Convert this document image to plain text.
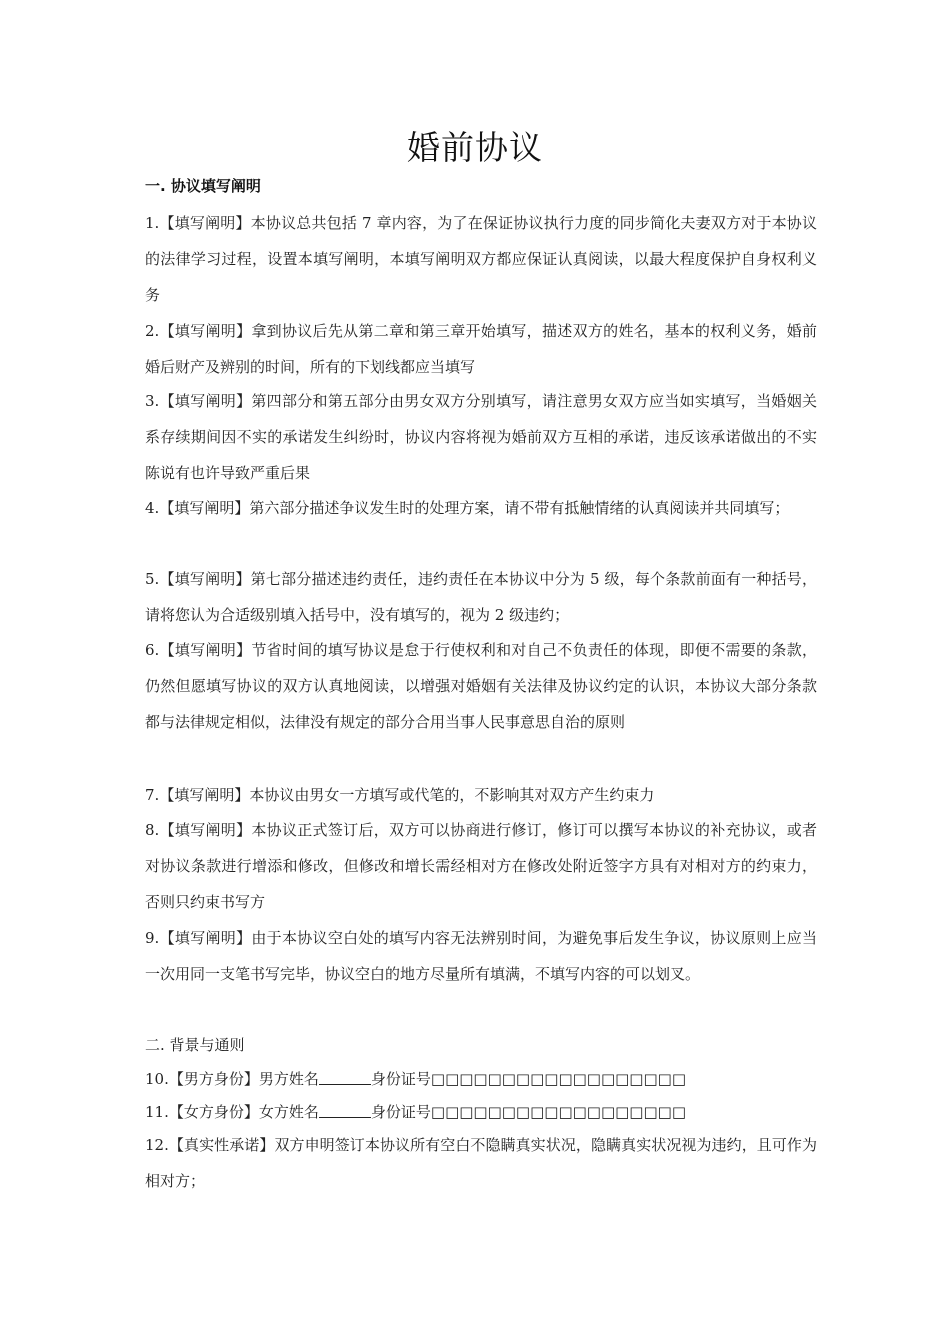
婚前协议
一. 协议填写阐明

1.【填写阐明】本协议总共包括 7 章内容，为了在保证协议执行力度的同步简化夫妻双方对于本协议的法律学习过程，设置本填写阐明，本填写阐明双方都应保证认真阅读，以最大程度保护自身权利义务

2.【填写阐明】拿到协议后先从第二章和第三章开始填写，描述双方的姓名，基本的权利义务，婚前婚后财产及辨别的时间，所有的下划线都应当填写

3.【填写阐明】第四部分和第五部分由男女双方分别填写，请注意男女双方应当如实填写，当婚姻关系存续期间因不实的承诺发生纠纷时，协议内容将视为婚前双方互相的承诺，违反该承诺做出的不实陈说有也许导致严重后果

4.【填写阐明】第六部分描述争议发生时的处理方案，请不带有抵触情绪的认真阅读并共同填写；

5.【填写阐明】第七部分描述违约责任，违约责任在本协议中分为 5 级，每个条款前面有一种括号，请将您认为合适级别填入括号中，没有填写的，视为 2 级违约；

6.【填写阐明】节省时间的填写协议是怠于行使权利和对自己不负责任的体现，即便不需要的条款，仍然但愿填写协议的双方认真地阅读，以增强对婚姻有关法律及协议约定的认识，本协议大部分条款都与法律规定相似，法律没有规定的部分合用当事人民事意思自治的原则

7.【填写阐明】本协议由男女一方填写或代笔的，不影响其对双方产生约束力

8.【填写阐明】本协议正式签订后，双方可以协商进行修订，修订可以撰写本协议的补充协议，或者对协议条款进行增添和修改，但修改和增长需经相对方在修改处附近签字方具有对相对方的约束力，否则只约束书写方

9.【填写阐明】由于本协议空白处的填写内容无法辨别时间，为避免事后发生争议，协议原则上应当一次用同一支笔书写完毕，协议空白的地方尽量所有填满，不填写内容的可以划叉。

二. 背景与通则
10.【男方身份】男方姓名	身份证号□□□□□□□□□□□□□□□□□□
11.【女方身份】女方姓名	身份证号□□□□□□□□□□□□□□□□□□

12.【真实性承诺】双方申明签订本协议所有空白不隐瞒真实状况，隐瞒真实状况视为违约，且可作为相对方；
